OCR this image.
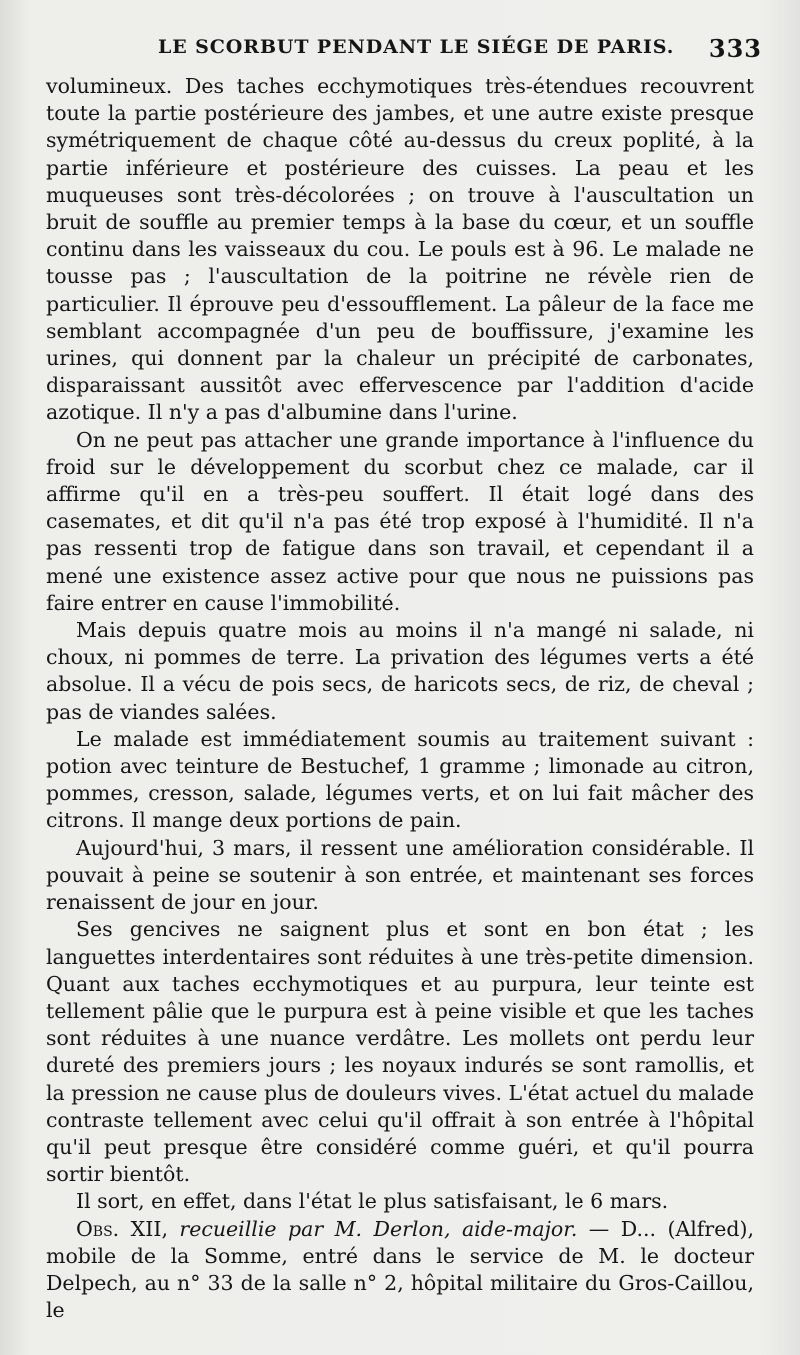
LE SCORBUT PENDANT LE SIÉGE DE PARIS. 333

volumineux. Des taches ecchymotiques très-étendues recouvrent toute la partie postérieure des jambes, et une autre existe presque symétriquement de chaque côté au-dessus du creux poplité, à la partie inférieure et postérieure des cuisses. La peau et les muqueuses sont très-décolorées ; on trouve à l'auscultation un bruit de souffle au premier temps à la base du cœur, et un souffle continu dans les vaisseaux du cou. Le pouls est à 96. Le malade ne tousse pas ; l'auscultation de la poitrine ne révèle rien de particulier. Il éprouve peu d'essoufflement. La pâleur de la face me semblant accompagnée d'un peu de bouffissure, j'examine les urines, qui donnent par la chaleur un précipité de carbonates, disparaissant aussitôt avec effervescence par l'addition d'acide azotique. Il n'y a pas d'albumine dans l'urine.

On ne peut pas attacher une grande importance à l'influence du froid sur le développement du scorbut chez ce malade, car il affirme qu'il en a très-peu souffert. Il était logé dans des casemates, et dit qu'il n'a pas été trop exposé à l'humidité. Il n'a pas ressenti trop de fatigue dans son travail, et cependant il a mené une existence assez active pour que nous ne puissions pas faire entrer en cause l'immobilité.

Mais depuis quatre mois au moins il n'a mangé ni salade, ni choux, ni pommes de terre. La privation des légumes verts a été absolue. Il a vécu de pois secs, de haricots secs, de riz, de cheval ; pas de viandes salées.

Le malade est immédiatement soumis au traitement suivant : potion avec teinture de Bestuchef, 1 gramme ; limonade au citron, pommes, cresson, salade, légumes verts, et on lui fait mâcher des citrons. Il mange deux portions de pain.

Aujourd'hui, 3 mars, il ressent une amélioration considérable. Il pouvait à peine se soutenir à son entrée, et maintenant ses forces renaissent de jour en jour.

Ses gencives ne saignent plus et sont en bon état ; les languettes interdentaires sont réduites à une très-petite dimension. Quant aux taches ecchymotiques et au purpura, leur teinte est tellement pâlie que le purpura est à peine visible et que les taches sont réduites à une nuance verdâtre. Les mollets ont perdu leur dureté des premiers jours ; les noyaux indurés se sont ramollis, et la pression ne cause plus de douleurs vives. L'état actuel du malade contraste tellement avec celui qu'il offrait à son entrée à l'hôpital qu'il peut presque être considéré comme guéri, et qu'il pourra sortir bientôt.

Il sort, en effet, dans l'état le plus satisfaisant, le 6 mars.

Obs. XII, recueillie par M. Derlon, aide-major. — D... (Alfred), mobile de la Somme, entré dans le service de M. le docteur Delpech, au n° 33 de la salle n° 2, hôpital militaire du Gros-Caillou, le
